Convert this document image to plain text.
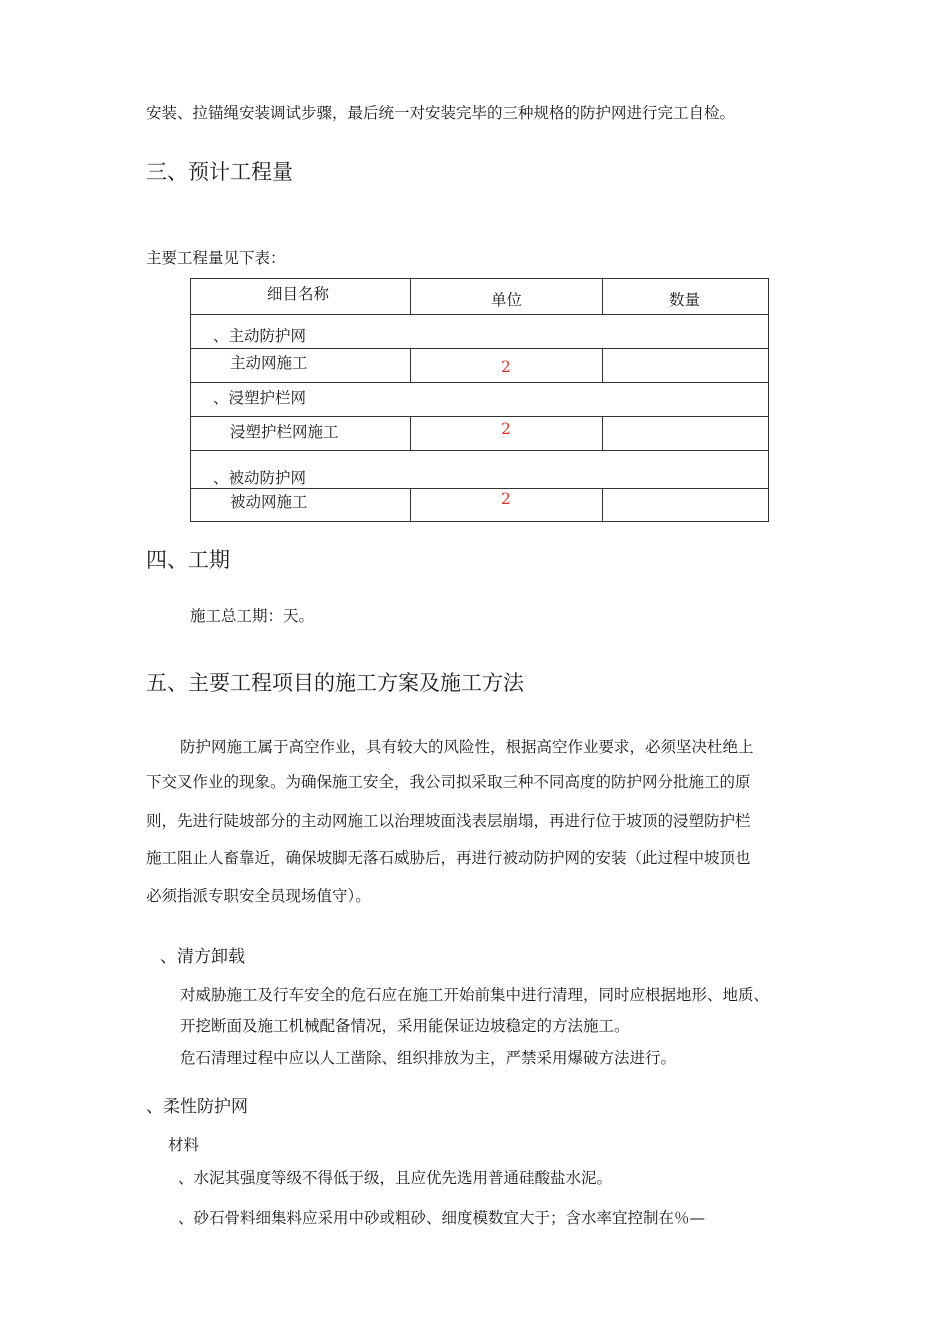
安装、拉锚绳安装调试步骤，最后统一对安装完毕的三种规格的防护网进行完工自检。
三、预计工程量
主要工程量见下表：
细目名称	单位	数量

、主动防护网		

主动网施工	2	

、浸塑护栏网		

浸塑护栏网施工	2	

、被动防护网		

被动网施工	2	

四、工期
施工总工期：天。
五、主要工程项目的施工方案及施工方法
防护网施工属于高空作业，具有较大的风险性，根据高空作业要求，必须坚决杜绝上
下交叉作业的现象。为确保施工安全，我公司拟采取三种不同高度的防护网分批施工的原
则，先进行陡坡部分的主动网施工以治理坡面浅表层崩塌，再进行位于坡顶的浸塑防护栏
施工阻止人畜靠近，确保坡脚无落石威胁后，再进行被动防护网的安装（此过程中坡顶也
必须指派专职安全员现场值守）。
、清方卸载
对威胁施工及行车安全的危石应在施工开始前集中进行清理，同时应根据地形、地质、
开挖断面及施工机械配备情况，采用能保证边坡稳定的方法施工。
危石清理过程中应以人工凿除、组织排放为主，严禁采用爆破方法进行。
、柔性防护网
材料
、水泥其强度等级不得低于级，且应优先选用普通硅酸盐水泥。
、砂石骨料细集料应采用中砂或粗砂、细度模数宜大于；含水率宜控制在％—
